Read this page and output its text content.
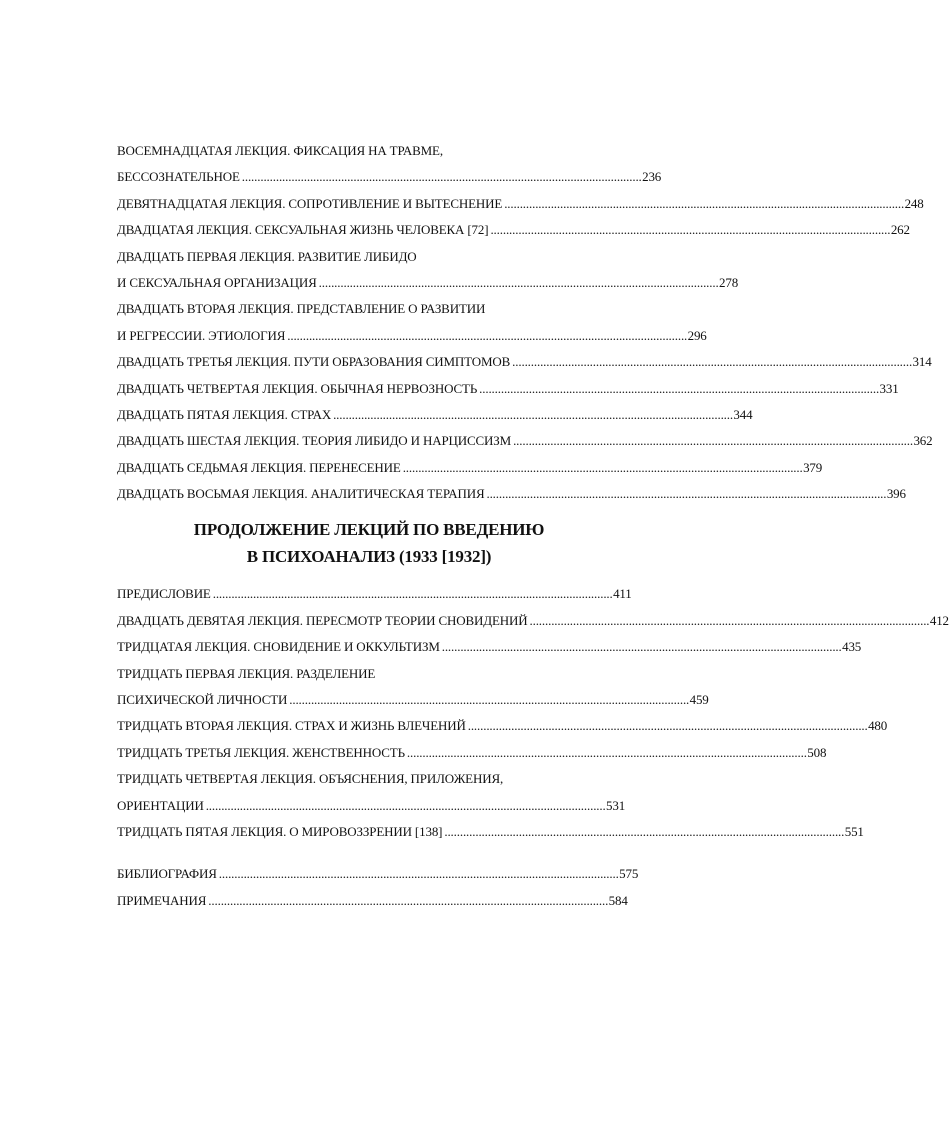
ВОСЕМНАДЦАТАЯ ЛЕКЦИЯ. ФИКСАЦИЯ НА ТРАВМЕ,
БЕССОЗНАТЕЛЬНОЕ . . .	236
ДЕВЯТНАДЦАТАЯ ЛЕКЦИЯ. СОПРОТИВЛЕНИЕ И ВЫТЕСНЕНИЕ . . .	248
ДВАДЦАТАЯ ЛЕКЦИЯ. СЕКСУАЛЬНАЯ ЖИЗНЬ ЧЕЛОВЕКА [72] . . .	262
ДВАДЦАТЬ ПЕРВАЯ ЛЕКЦИЯ. РАЗВИТИЕ ЛИБИДО
И СЕКСУАЛЬНАЯ ОРГАНИЗАЦИЯ . . .	278
ДВАДЦАТЬ ВТОРАЯ ЛЕКЦИЯ. ПРЕДСТАВЛЕНИЕ О РАЗВИТИИ
И РЕГРЕССИИ. ЭТИОЛОГИЯ . . .	296
ДВАДЦАТЬ ТРЕТЬЯ ЛЕКЦИЯ. ПУТИ ОБРАЗОВАНИЯ СИМПТОМОВ . . .	314
ДВАДЦАТЬ ЧЕТВЕРТАЯ ЛЕКЦИЯ. ОБЫЧНАЯ НЕРВОЗНОСТЬ . . .	331
ДВАДЦАТЬ ПЯТАЯ ЛЕКЦИЯ. СТРАХ . . .	344
ДВАДЦАТЬ ШЕСТАЯ ЛЕКЦИЯ. ТЕОРИЯ ЛИБИДО И НАРЦИССИЗМ . . .	362
ДВАДЦАТЬ СЕДЬМАЯ ЛЕКЦИЯ. ПЕРЕНЕСЕНИЕ . . .	379
ДВАДЦАТЬ ВОСЬМАЯ ЛЕКЦИЯ. АНАЛИТИЧЕСКАЯ ТЕРАПИЯ . . .	396
ПРОДОЛЖЕНИЕ ЛЕКЦИЙ ПО ВВЕДЕНИЮ
В ПСИХОАНАЛИЗ (1933 [1932])
ПРЕДИСЛОВИЕ . . .	411
ДВАДЦАТЬ ДЕВЯТАЯ ЛЕКЦИЯ. ПЕРЕСМОТР ТЕОРИИ СНОВИДЕНИЙ . . .	412
ТРИДЦАТАЯ ЛЕКЦИЯ. СНОВИДЕНИЕ И ОККУЛЬТИЗМ . . .	435
ТРИДЦАТЬ ПЕРВАЯ ЛЕКЦИЯ. РАЗДЕЛЕНИЕ
ПСИХИЧЕСКОЙ ЛИЧНОСТИ . . .	459
ТРИДЦАТЬ ВТОРАЯ ЛЕКЦИЯ. СТРАХ И ЖИЗНЬ ВЛЕЧЕНИЙ . . .	480
ТРИДЦАТЬ ТРЕТЬЯ ЛЕКЦИЯ. ЖЕНСТВЕННОСТЬ . . .	508
ТРИДЦАТЬ ЧЕТВЕРТАЯ ЛЕКЦИЯ. ОБЪЯСНЕНИЯ, ПРИЛОЖЕНИЯ,
ОРИЕНТАЦИИ . . .	531
ТРИДЦАТЬ ПЯТАЯ ЛЕКЦИЯ. О МИРОВОЗЗРЕНИИ [138] . . .	551
БИБЛИОГРАФИЯ . . .	575
ПРИМЕЧАНИЯ . . .	584
